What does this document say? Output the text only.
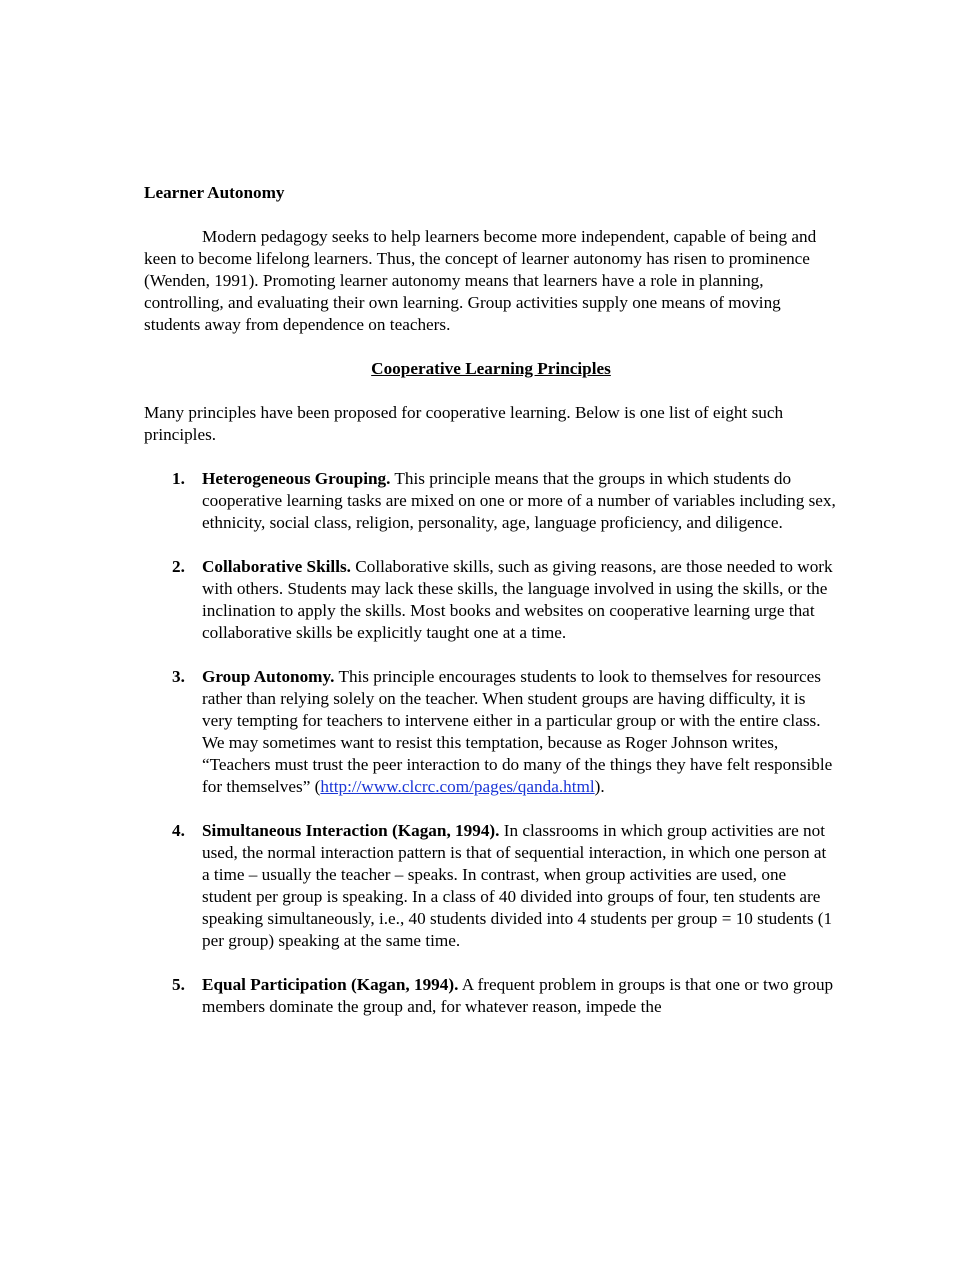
Learner Autonomy

Modern pedagogy seeks to help learners become more independent, capable of being and keen to become lifelong learners. Thus, the concept of learner autonomy has risen to prominence (Wenden, 1991). Promoting learner autonomy means that learners have a role in planning, controlling, and evaluating their own learning. Group activities supply one means of moving students away from dependence on teachers.

Cooperative Learning Principles

Many principles have been proposed for cooperative learning. Below is one list of eight such principles.

1. Heterogeneous Grouping. This principle means that the groups in which students do cooperative learning tasks are mixed on one or more of a number of variables including sex, ethnicity, social class, religion, personality, age, language proficiency, and diligence.
2. Collaborative Skills. Collaborative skills, such as giving reasons, are those needed to work with others. Students may lack these skills, the language involved in using the skills, or the inclination to apply the skills. Most books and websites on cooperative learning urge that collaborative skills be explicitly taught one at a time.
3. Group Autonomy. This principle encourages students to look to themselves for resources rather than relying solely on the teacher. When student groups are having difficulty, it is very tempting for teachers to intervene either in a particular group or with the entire class. We may sometimes want to resist this temptation, because as Roger Johnson writes, “Teachers must trust the peer interaction to do many of the things they have felt responsible for themselves” (http://www.clcrc.com/pages/qanda.html).
4. Simultaneous Interaction (Kagan, 1994). In classrooms in which group activities are not used, the normal interaction pattern is that of sequential interaction, in which one person at a time – usually the teacher – speaks. In contrast, when group activities are used, one student per group is speaking. In a class of 40 divided into groups of four, ten students are speaking simultaneously, i.e., 40 students divided into 4 students per group = 10 students (1 per group) speaking at the same time.
5. Equal Participation (Kagan, 1994). A frequent problem in groups is that one or two group members dominate the group and, for whatever reason, impede the
